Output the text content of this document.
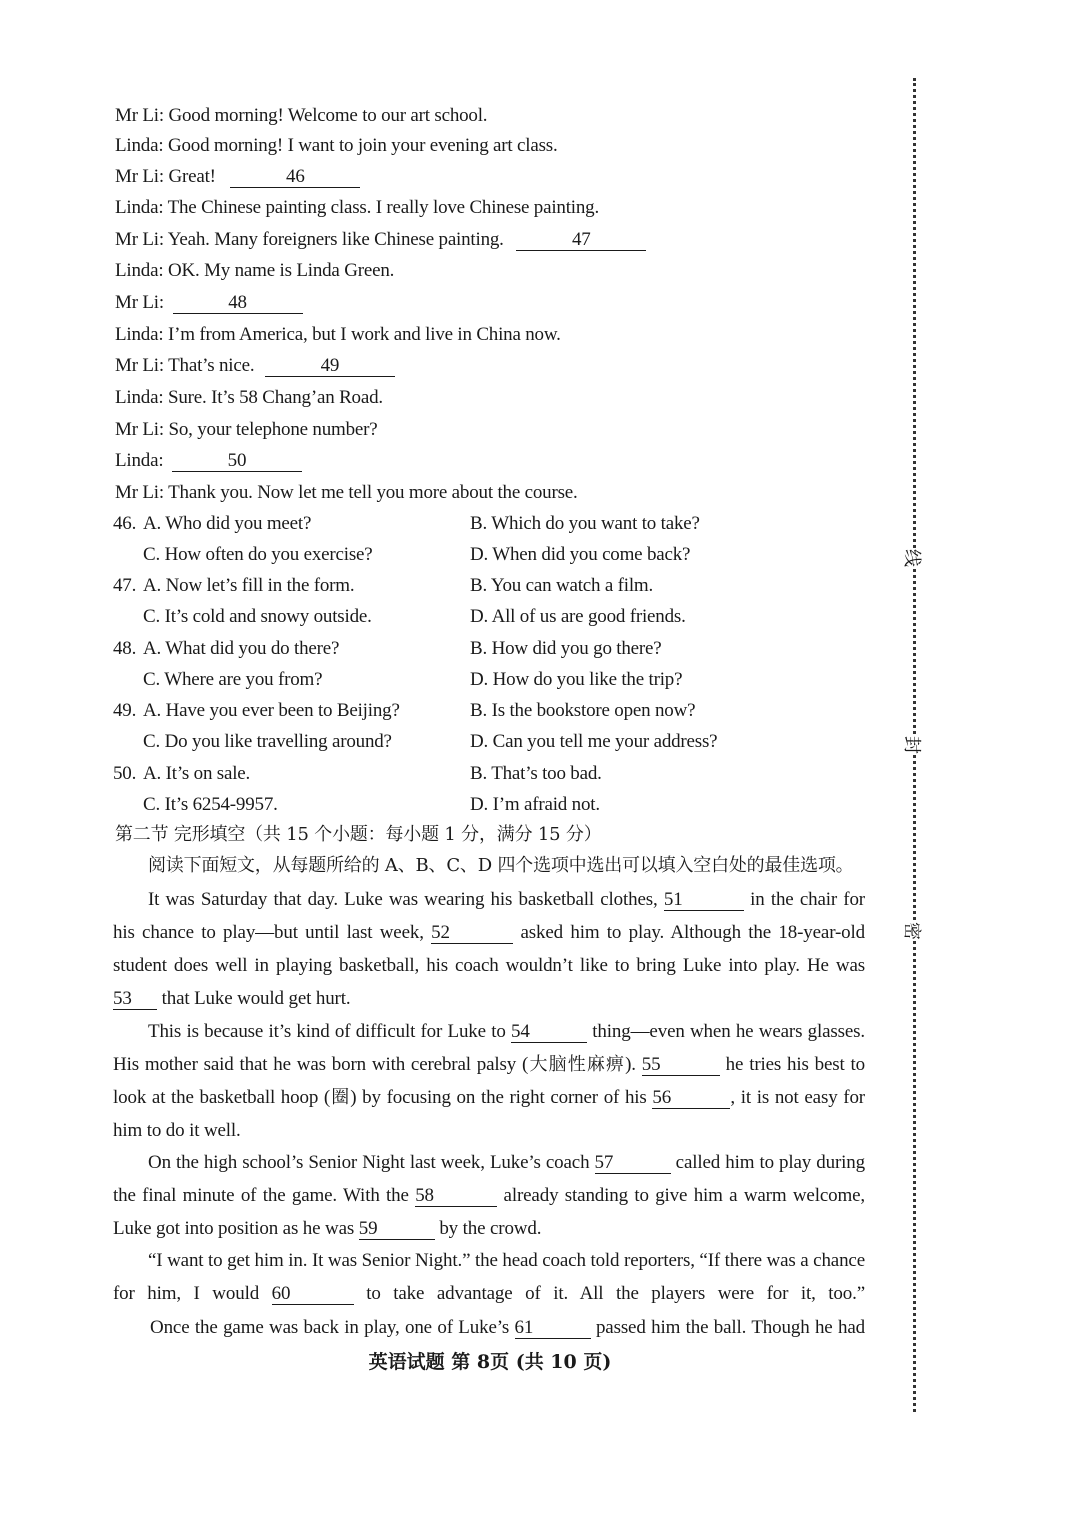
Mr Li: Good morning! Welcome to our art school.
Linda: Good morning! I want to join your evening art class.
Mr Li: Great!	46
Linda: The Chinese painting class. I really love Chinese painting.
Mr Li: Yeah. Many foreigners like Chinese painting.	47
Linda: OK. My name is Linda Green.
Mr Li:	48
Linda: I’m from America, but I work and live in China now.
Mr Li: That’s nice.	49
Linda: Sure. It’s 58 Chang’an Road.
Mr Li: So, your telephone number?
Linda:	50
Mr Li: Thank you. Now let me tell you more about the course.
46. A. Who did you meet?	B. Which do you want to take?
C. How often do you exercise?	D. When did you come back?
47. A. Now let’s fill in the form.	B. You can watch a film.
C. It’s cold and snowy outside.	D. All of us are good friends.
48. A. What did you do there?	B. How did you go there?
C. Where are you from?	D. How do you like the trip?
49. A. Have you ever been to Beijing?	B. Is the bookstore open now?
C. Do you like travelling around?	D. Can you tell me your address?
50. A. It’s on sale.	B. That’s too bad.
C. It’s 6254-9957.	D. I’m afraid not.
第二节 完形填空（共 15 个小题：每小题 1 分，满分 15 分）
阅读下面短文，从每题所给的 A、B、C、D 四个选项中选出可以填入空白处的最佳选项。
It was Saturday that day. Luke was wearing his basketball clothes, 51	in the chair for
his chance to play—but until last week, 52	asked him to play. Although the 18-year-old
student does well in playing basketball, his coach wouldn’t like to bring Luke into play. He was
53 that Luke would get hurt.
This is because it’s kind of difficult for Luke to 54	thing—even when he wears glasses.
His mother said that he was born with cerebral palsy (大脑性麻痹). 55	he tries his best to
look at the basketball hoop (圈) by focusing on the right corner of his 56	, it is not easy for
him to do it well.
On the high school’s Senior Night last week, Luke’s coach 57	called him to play during
the final minute of the game. With the 58	already standing to give him a warm welcome,
Luke got into position as he was 59	by the crowd.
“I want to get him in. It was Senior Night.” the head coach told reporters, “If there was a chance
for him, I would 60	to take advantage of it. All the players were for it, too.”
Once the game was back in play, one of Luke’s 61	passed him the ball. Though he had
英语试题 第 8页 (共 10 页)
线
封
密
